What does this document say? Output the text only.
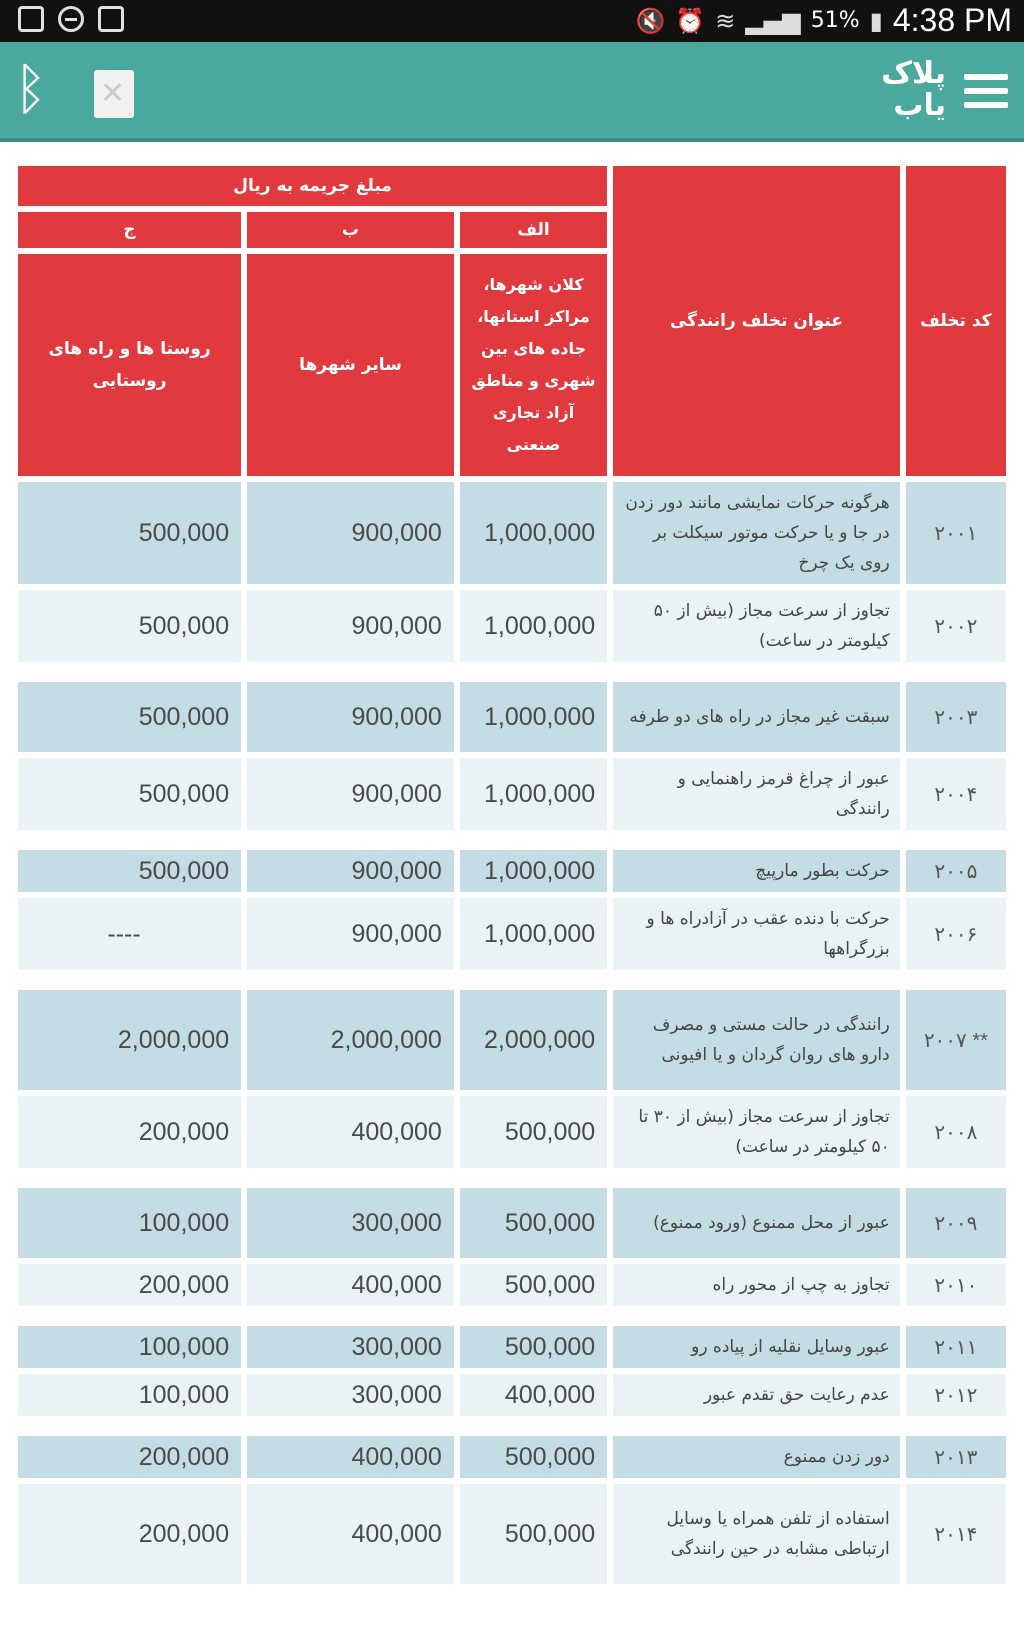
🔇 ⏰ ≋ ▂▄▆ 51% ▮ 4:38 PM
ᛒ ✕	پلاک
یاب
کد تخلف	عنوان تخلف رانندگی	مبلغ جریمه به ریال		
		الف	ب	ج
		کلان شهرها، مراکز استانها، جاده های بین شهری و مناطق آزاد تجاری صنعتی	سایر شهرها	روستا ها و راه های روستایی
۲۰۰۱	هرگونه حرکات نمایشی مانند دور زدن در جا و یا حرکت موتور سیکلت بر روی یک چرخ	1,000,000	900,000	500,000
۲۰۰۲	تجاوز از سرعت مجاز (بیش از ۵۰ کیلومتر در ساعت)	1,000,000	900,000	500,000

۲۰۰۳	سبقت غیر مجاز در راه های دو طرفه	1,000,000	900,000	500,000
۲۰۰۴	عبور از چراغ قرمز راهنمایی و رانندگی	1,000,000	900,000	500,000

۲۰۰۵	حرکت بطور مارپیچ	1,000,000	900,000	500,000
۲۰۰۶	حرکت با دنده عقب در آزادراه ها و بزرگراهها	1,000,000	900,000	----

** ۲۰۰۷	رانندگی در حالت مستی و مصرف دارو های روان گردان و یا افیونی	2,000,000	2,000,000	2,000,000
۲۰۰۸	تجاوز از سرعت مجاز (بیش از ۳۰ تا ۵۰ کیلومتر در ساعت)	500,000	400,000	200,000

۲۰۰۹	عبور از محل ممنوع (ورود ممنوع)	500,000	300,000	100,000
۲۰۱۰	تجاوز به چپ از محور راه	500,000	400,000	200,000

۲۰۱۱	عبور وسایل نقلیه از پیاده رو	500,000	300,000	100,000
۲۰۱۲	عدم رعایت حق تقدم عبور	400,000	300,000	100,000

۲۰۱۳	دور زدن ممنوع	500,000	400,000	200,000
۲۰۱۴	استفاده از تلفن همراه یا وسایل ارتباطی مشابه در حین رانندگی	500,000	400,000	200,000
